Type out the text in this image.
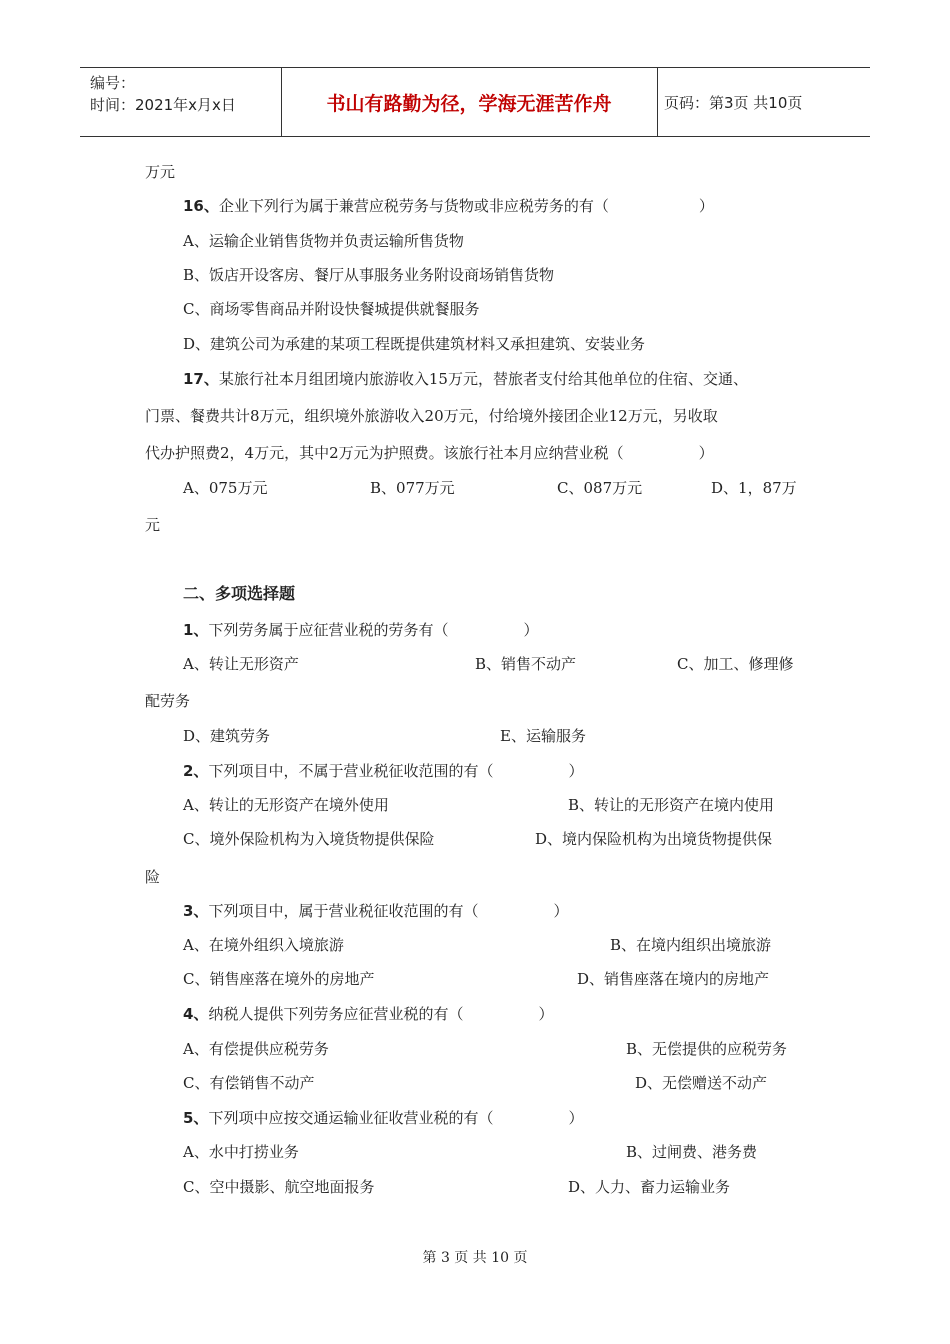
编号：
时间：2021年x月x日	书山有路勤为径，学海无涯苦作舟	页码：第3页 共10页
万元
16、企业下列行为属于兼营应税劳务与货物或非应税劳务的有（　　　　　　）
A、运输企业销售货物并负责运输所售货物
B、饭店开设客房、餐厅从事服务业务附设商场销售货物
C、商场零售商品并附设快餐城提供就餐服务
D、建筑公司为承建的某项工程既提供建筑材料又承担建筑、安装业务
17、某旅行社本月组团境内旅游收入15万元，替旅者支付给其他单位的住宿、交通、
门票、餐费共计8万元，组织境外旅游收入20万元，付给境外接团企业12万元，另收取
代办护照费2，4万元，其中2万元为护照费。该旅行社本月应纳营业税（　　　　　）
A、075万元	B、077万元	C、087万元	D、1，87万
元
二、多项选择题
1、下列劳务属于应征营业税的劳务有（　　　　　）
A、转让无形资产	B、销售不动产	C、加工、修理修
配劳务
D、建筑劳务	E、运输服务
2、下列项目中，不属于营业税征收范围的有（　　　　　）
A、转让的无形资产在境外使用	B、转让的无形资产在境内使用
C、境外保险机构为入境货物提供保险	D、境内保险机构为出境货物提供保
险
3、下列项目中，属于营业税征收范围的有（　　　　　）
A、在境外组织入境旅游	B、在境内组织出境旅游
C、销售座落在境外的房地产	D、销售座落在境内的房地产
4、纳税人提供下列劳务应征营业税的有（　　　　　）
A、有偿提供应税劳务	B、无偿提供的应税劳务
C、有偿销售不动产	D、无偿赠送不动产
5、下列项中应按交通运输业征收营业税的有（　　　　　）
A、水中打捞业务	B、过闸费、港务费
C、空中摄影、航空地面报务	D、人力、畜力运输业务
第 3 页 共 10 页
